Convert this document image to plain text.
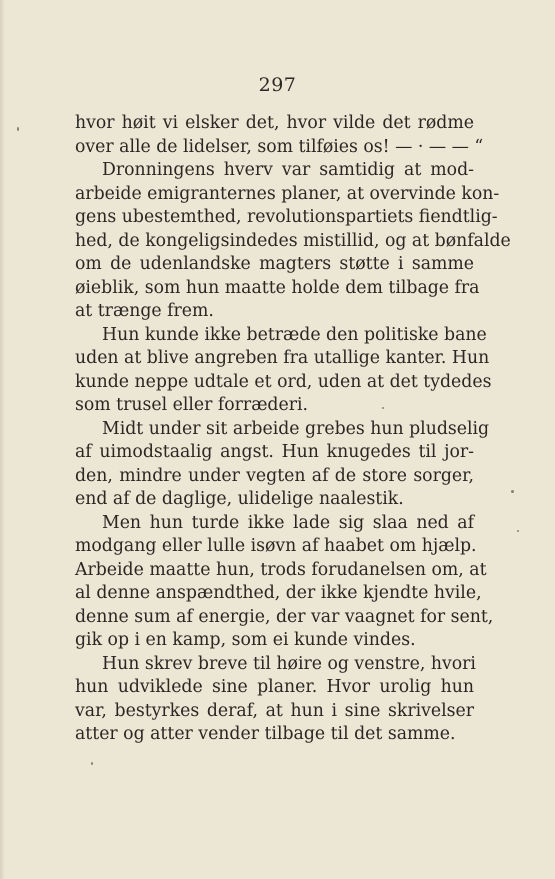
297
hvor høit vi elsker det, hvor vilde det rødme
over alle de lidelser, som tilføies os! — · — — “
Dronningens hverv var samtidig at mod-
arbeide emigranternes planer, at overvinde kon-
gens ubestemthed, revolutionspartiets fiendtlig-
hed, de kongeligsindedes mistillid, og at bønfalde
om de udenlandske magters støtte i samme
øieblik, som hun maatte holde dem tilbage fra
at trænge frem.
Hun kunde ikke betræde den politiske bane
uden at blive angreben fra utallige kanter. Hun
kunde neppe udtale et ord, uden at det tydedes
som trusel eller forræderi.
Midt under sit arbeide grebes hun pludselig
af uimodstaalig angst. Hun knugedes til jor-
den, mindre under vegten af de store sorger,
end af de daglige, ulidelige naalestik.
Men hun turde ikke lade sig slaa ned af
modgang eller lulle isøvn af haabet om hjælp.
Arbeide maatte hun, trods forudanelsen om, at
al denne anspændthed, der ikke kjendte hvile,
denne sum af energie, der var vaagnet for sent,
gik op i en kamp, som ei kunde vindes.
Hun skrev breve til høire og venstre, hvori
hun udviklede sine planer. Hvor urolig hun
var, bestyrkes deraf, at hun i sine skrivelser
atter og atter vender tilbage til det samme.
